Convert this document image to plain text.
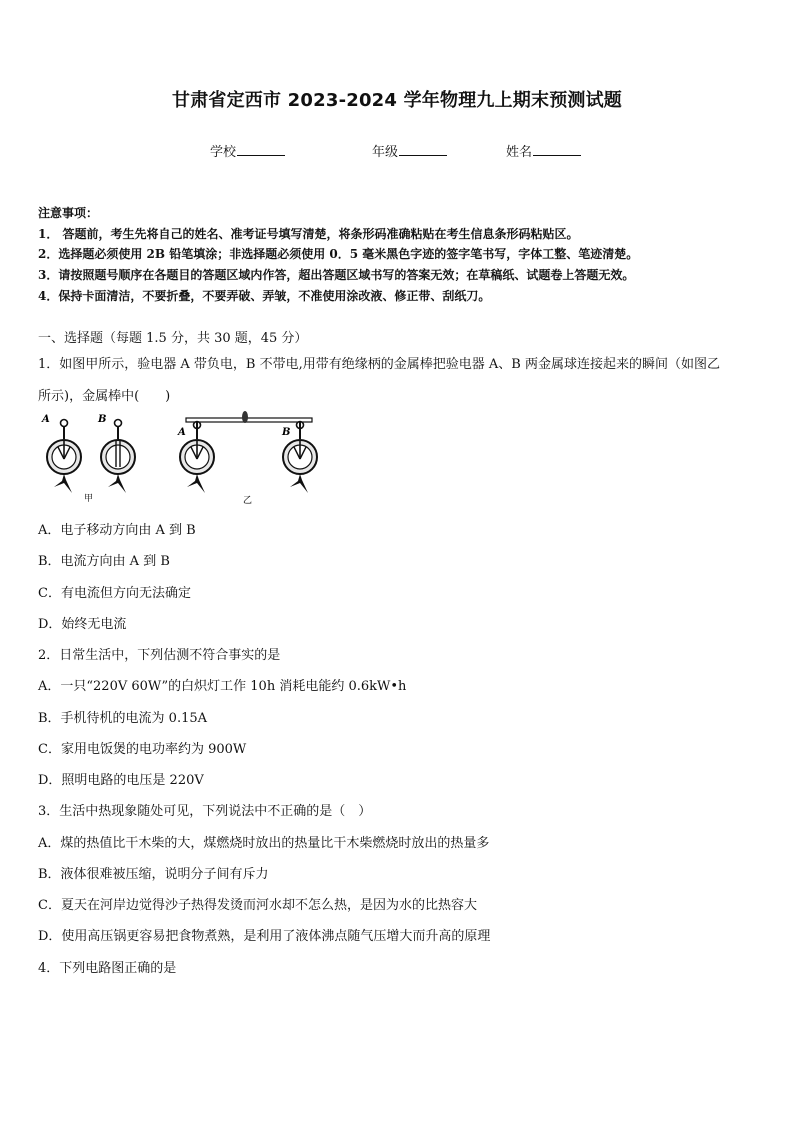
甘肃省定西市 2023-2024 学年物理九上期末预测试题
学校	年级	姓名
注意事项：
1． 答题前，考生先将自己的姓名、准考证号填写清楚，将条形码准确粘贴在考生信息条形码粘贴区。
2．选择题必须使用 2B 铅笔填涂；非选择题必须使用 0．5 毫米黑色字迹的签字笔书写，字体工整、笔迹清楚。
3．请按照题号顺序在各题目的答题区域内作答，超出答题区域书写的答案无效；在草稿纸、试题卷上答题无效。
4．保持卡面清洁，不要折叠，不要弄破、弄皱，不准使用涂改液、修正带、刮纸刀。
一、选择题（每题 1.5 分，共 30 题，45 分）
1．如图甲所示，验电器 A 带负电，B 不带电,用带有绝缘柄的金属棒把验电器 A、B 两金属球连接起来的瞬间（如图乙
所示)，金属棒中(　　)
A	B
甲
A	B
乙
A．电子移动方向由 A 到 B
B．电流方向由 A 到 B
C．有电流但方向无法确定
D．始终无电流
2．日常生活中，下列估测不符合事实的是
A．一只“220V 60W”的白炽灯工作 10h 消耗电能约 0.6kW•h
B．手机待机的电流为 0.15A
C．家用电饭煲的电功率约为 900W
D．照明电路的电压是 220V
3．生活中热现象随处可见，下列说法中不正确的是（　）
A．煤的热值比干木柴的大，煤燃烧时放出的热量比干木柴燃烧时放出的热量多
B．液体很难被压缩，说明分子间有斥力
C．夏天在河岸边觉得沙子热得发烫而河水却不怎么热，是因为水的比热容大
D．使用高压锅更容易把食物煮熟，是利用了液体沸点随气压增大而升高的原理
4．下列电路图正确的是
